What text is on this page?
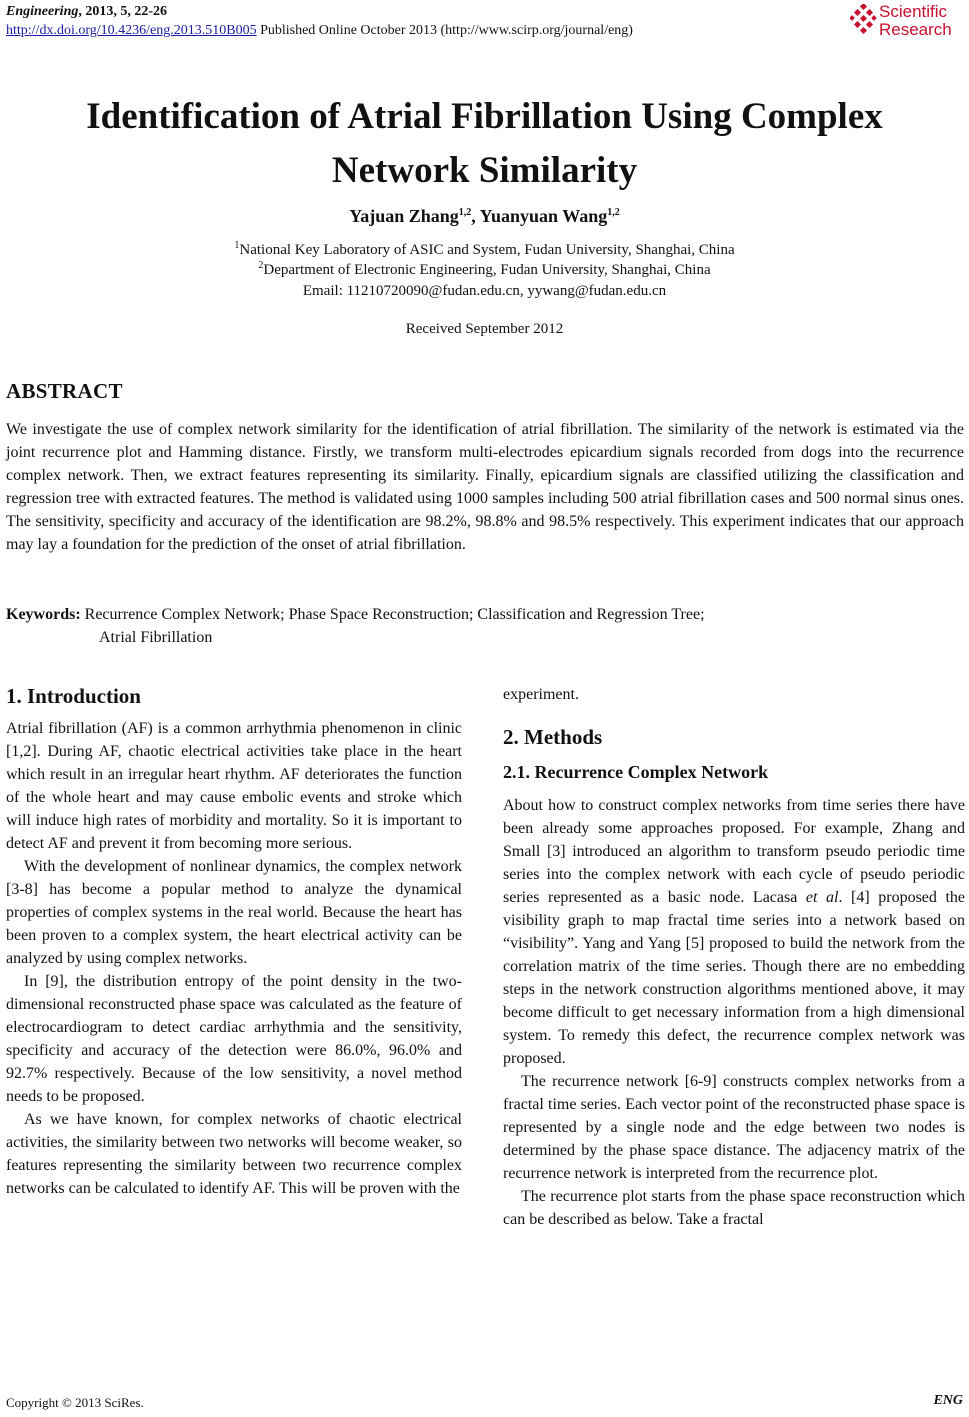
Engineering, 2013, 5, 22-26
http://dx.doi.org/10.4236/eng.2013.510B005 Published Online October 2013 (http://www.scirp.org/journal/eng)
Scientific
Research
Identification of Atrial Fibrillation Using Complex
Network Similarity
Yajuan Zhang$^{1,2}$, Yuanyuan Wang$^{1,2}$
$^1$National Key Laboratory of ASIC and System, Fudan University, Shanghai, China
$^2$Department of Electronic Engineering, Fudan University, Shanghai, China
Email: 11210720090@fudan.edu.cn, yywang@fudan.edu.cn
Received September 2012
ABSTRACT
We investigate the use of complex network similarity for the identification of atrial fibrillation. The similarity of the network is estimated via the joint recurrence plot and Hamming distance. Firstly, we transform multi-electrodes epicardium signals recorded from dogs into the recurrence complex network. Then, we extract features representing its similarity. Finally, epicardium signals are classified utilizing the classification and regression tree with extracted features. The method is validated using 1000 samples including 500 atrial fibrillation cases and 500 normal sinus ones. The sensitivity, specificity and accuracy of the identification are 98.2%, 98.8% and 98.5% respectively. This experiment indicates that our approach may lay a foundation for the prediction of the onset of atrial fibrillation.
Keywords: Recurrence Complex Network; Phase Space Reconstruction; Classification and Regression Tree;
Atrial Fibrillation
1. Introduction

Atrial fibrillation (AF) is a common arrhythmia phenomenon in clinic [1,2]. During AF, chaotic electrical activities take place in the heart which result in an irregular heart rhythm. AF deteriorates the function of the whole heart and may cause embolic events and stroke which will induce high rates of morbidity and mortality. So it is important to detect AF and prevent it from becoming more serious.

With the development of nonlinear dynamics, the complex network [3-8] has become a popular method to analyze the dynamical properties of complex systems in the real world. Because the heart has been proven to a complex system, the heart electrical activity can be analyzed by using complex networks.

In [9], the distribution entropy of the point density in the two-dimensional reconstructed phase space was calculated as the feature of electrocardiogram to detect cardiac arrhythmia and the sensitivity, specificity and accuracy of the detection were 86.0%, 96.0% and 92.7% respectively. Because of the low sensitivity, a novel method needs to be proposed.

As we have known, for complex networks of chaotic electrical activities, the similarity between two networks will become weaker, so features representing the similarity between two recurrence complex networks can be calculated to identify AF. This will be proven with the

experiment.

2. Methods
2.1. Recurrence Complex Network

About how to construct complex networks from time series there have been already some approaches proposed. For example, Zhang and Small [3] introduced an algorithm to transform pseudo periodic time series into the complex network with each cycle of pseudo periodic series represented as a basic node. Lacasa et al. [4] proposed the visibility graph to map fractal time series into a network based on “visibility”. Yang and Yang [5] proposed to build the network from the correlation matrix of the time series. Though there are no embedding steps in the network construction algorithms mentioned above, it may become difficult to get necessary information from a high dimensional system. To remedy this defect, the recurrence complex network was proposed.

The recurrence network [6-9] constructs complex networks from a fractal time series. Each vector point of the reconstructed phase space is represented by a single node and the edge between two nodes is determined by the phase space distance. The adjacency matrix of the recurrence network is interpreted from the recurrence plot.

The recurrence plot starts from the phase space reconstruction which can be described as below. Take a fractal

Copyright © 2013 SciRes.	ENG
